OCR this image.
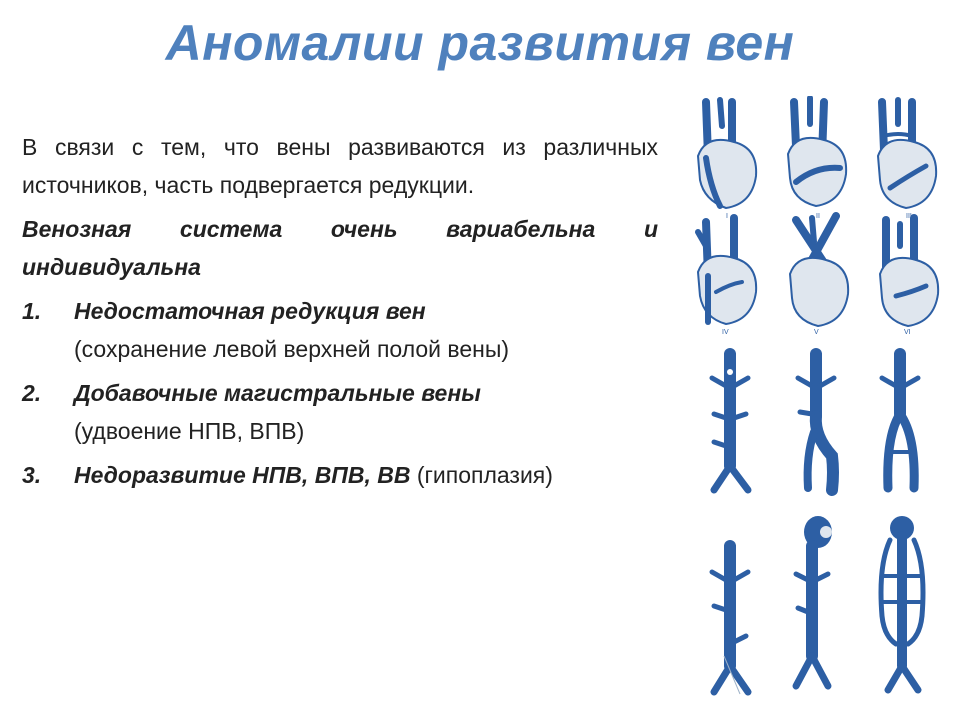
Аномалии развития вен

В связи с тем, что вены развиваются из различных источников, часть подвергается редукции.

Венозная система очень вариабельна и индивидуальна

1. Недостаточная редукция вен
(сохранение левой верхней полой вены)
2. Добавочные магистральные вены
(удвоение НПВ, ВПВ)
3. Недоразвитие НПВ, ВПВ, ВВ (гипоплазия)
I	II	III
IV	V	VI
